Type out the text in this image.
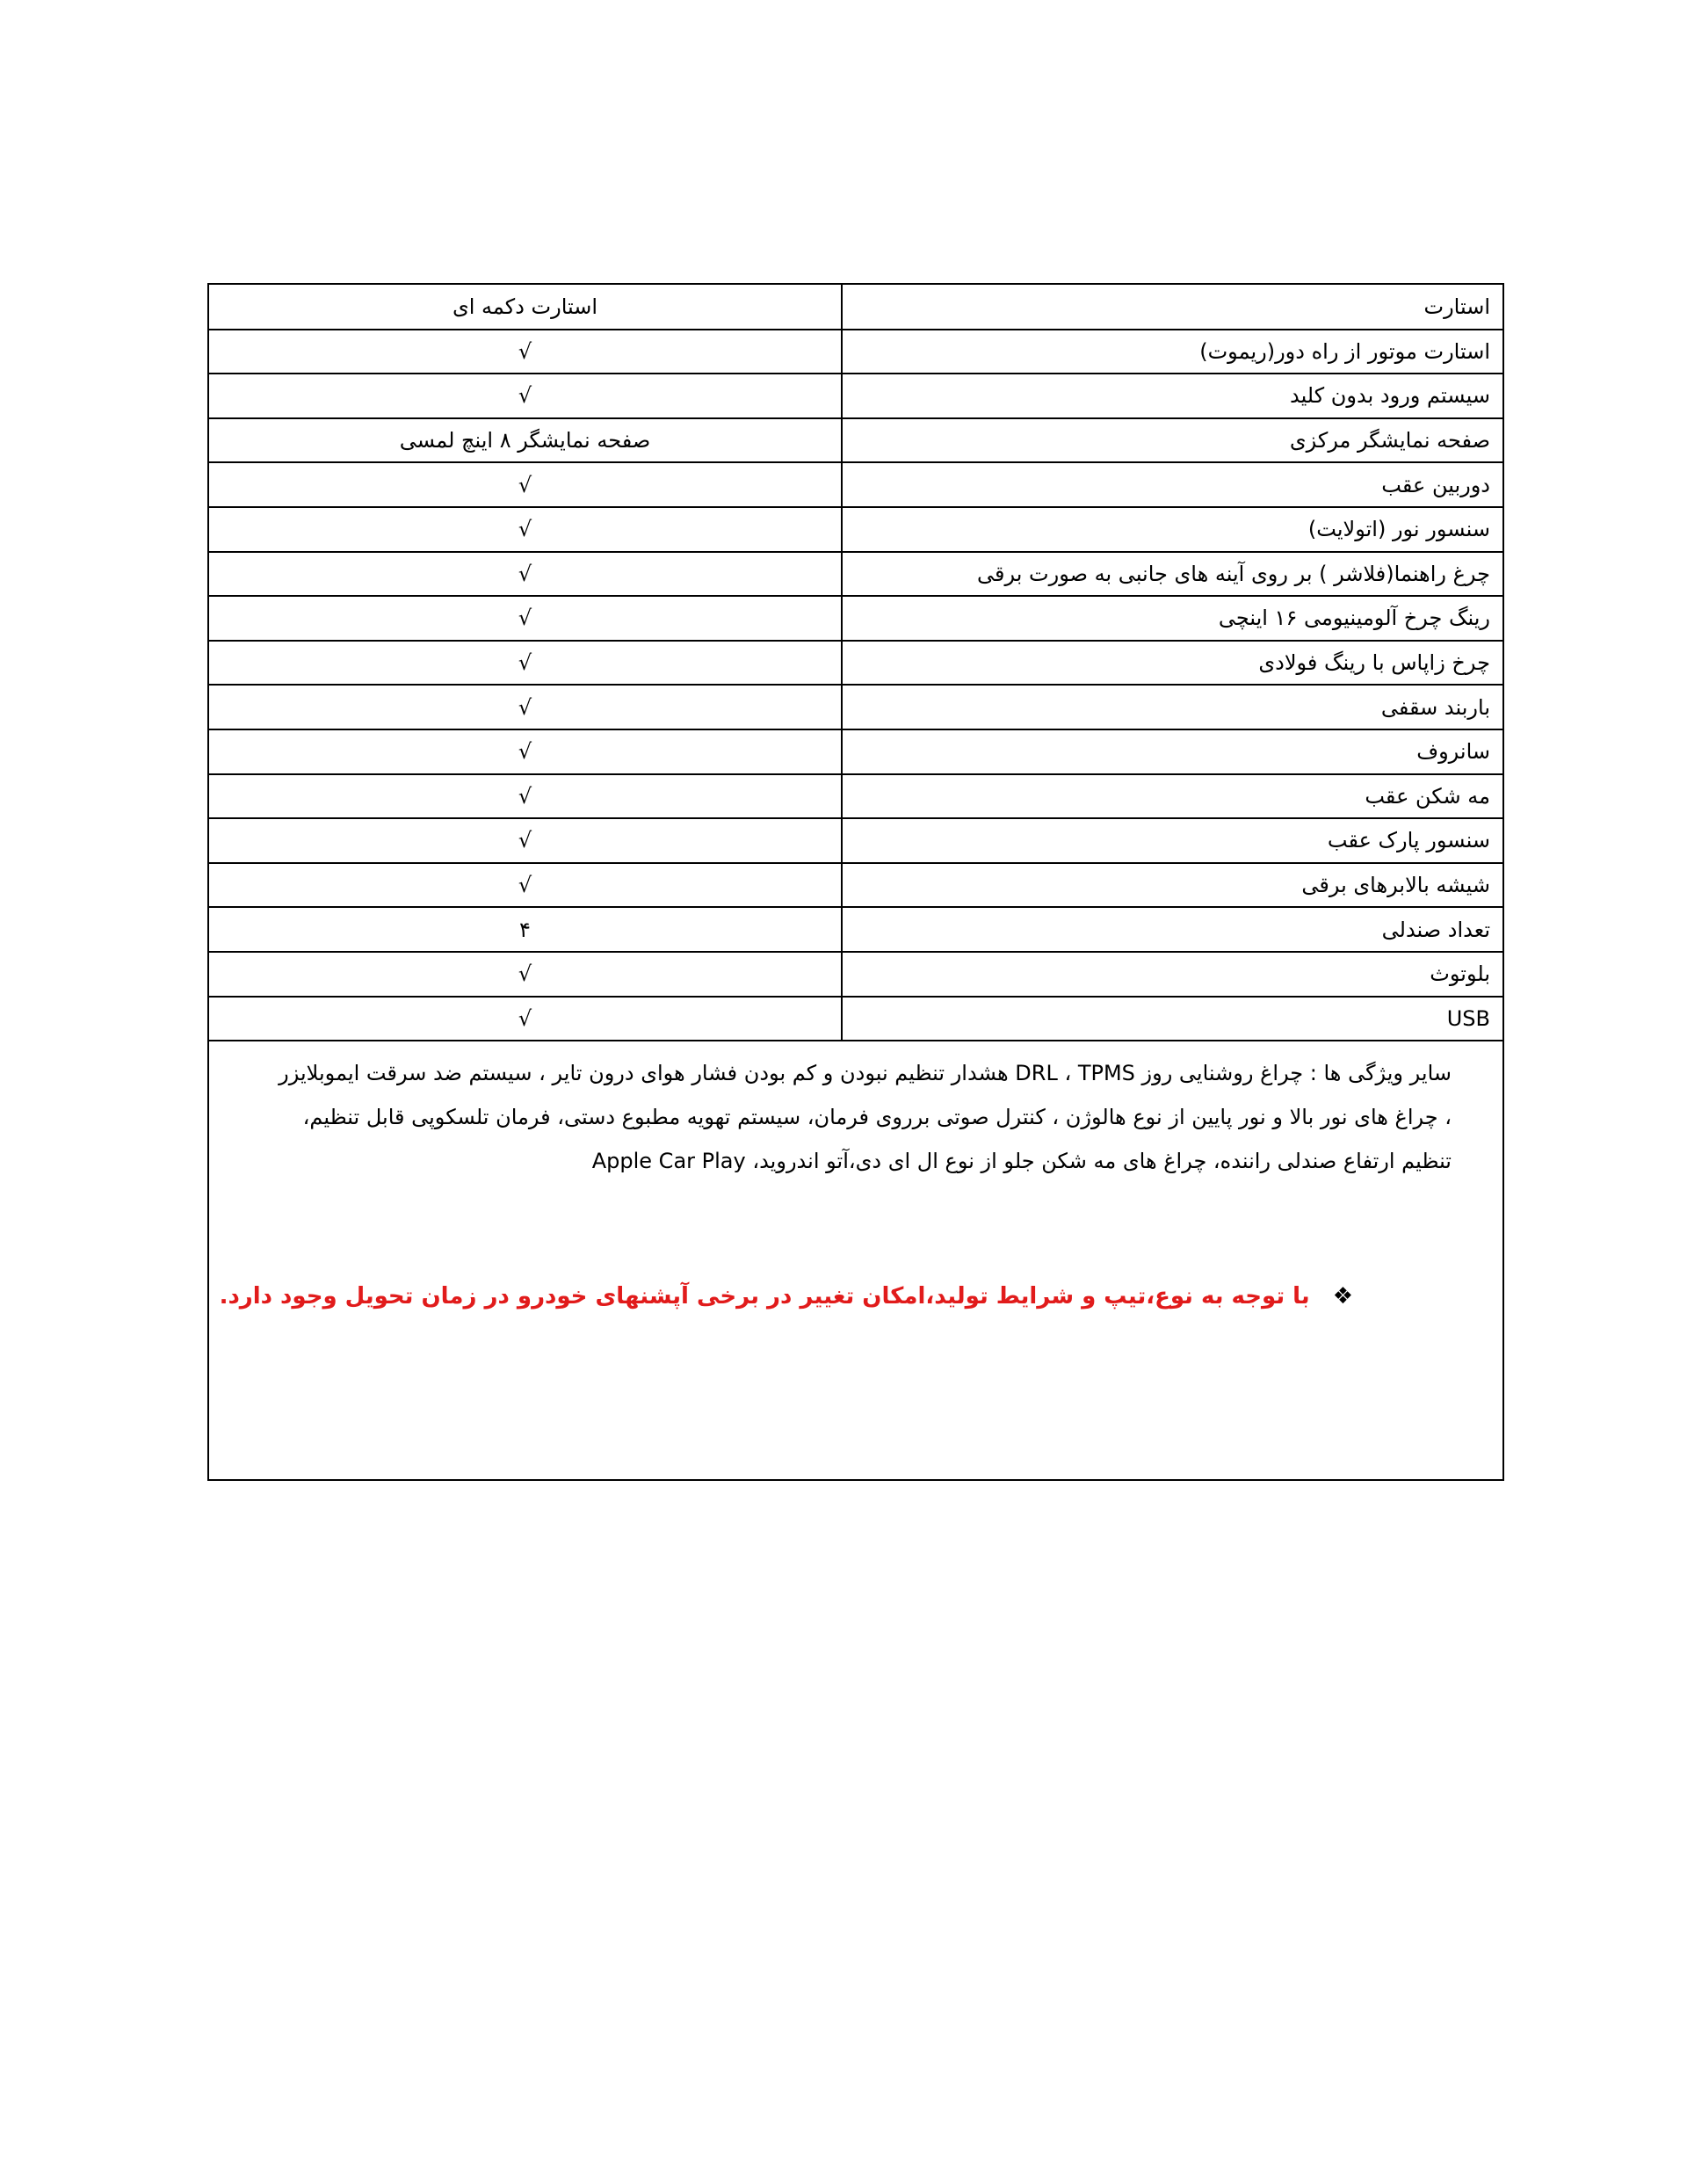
استارت	استارت دکمه ای
استارت موتور از راه دور(ریموت)	√
سیستم ورود بدون کلید	√
صفحه نمایشگر مرکزی	صفحه نمایشگر ۸ اینچ لمسی
دوربین عقب	√
سنسور نور (اتولایت)	√
چرغ راهنما(فلاشر ) بر روی آینه های جانبی به صورت برقی	√
رینگ چرخ آلومینیومی ۱۶ اینچی	√
چرخ زاپاس با رینگ فولادی	√
باربند سقفی	√
سانروف	√
مه شکن عقب	√
سنسور پارک عقب	√
شیشه بالابرهای برقی	√
تعداد صندلی	۴
بلوتوث	√
USB	√
سایر ویژگی ها : چراغ روشنایی روز DRL ، TPMS هشدار تنظیم نبودن و کم بودن فشار هوای درون تایر ، سیستم ضد سرقت ایموبلایزر ، چراغ های نور بالا و نور پایین از نوع هالوژن ، کنترل صوتی برروی فرمان، سیستم تهویه مطبوع دستی، فرمان تلسکوپی قابل تنظیم، تنظیم ارتفاع صندلی راننده، چراغ های مه شکن جلو از نوع ال ای دی،آتو اندروید، Apple Car Play
❖با توجه به نوع،تیپ و شرایط تولید،امکان تغییر در برخی آپشنهای خودرو در زمان تحویل وجود دارد.
